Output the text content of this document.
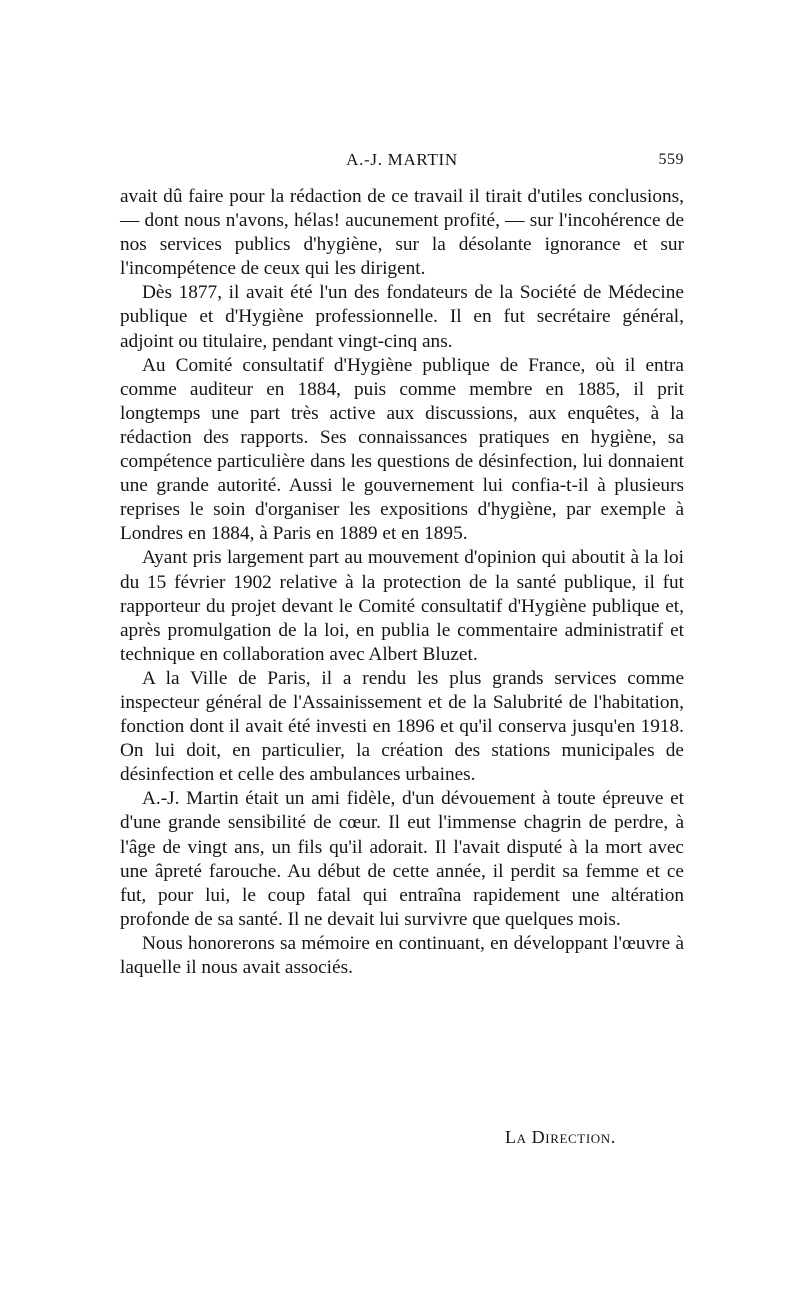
A.-J. MARTIN	559

avait dû faire pour la rédaction de ce travail il tirait d'utiles conclusions, — dont nous n'avons, hélas! aucunement profité, — sur l'incohérence de nos services publics d'hygiène, sur la désolante ignorance et sur l'incompétence de ceux qui les dirigent.

Dès 1877, il avait été l'un des fondateurs de la Société de Médecine publique et d'Hygiène professionnelle. Il en fut secrétaire général, adjoint ou titulaire, pendant vingt-cinq ans.

Au Comité consultatif d'Hygiène publique de France, où il entra comme auditeur en 1884, puis comme membre en 1885, il prit longtemps une part très active aux discussions, aux enquêtes, à la rédaction des rapports. Ses connaissances pratiques en hygiène, sa compétence particulière dans les questions de désinfection, lui donnaient une grande autorité. Aussi le gouvernement lui confia-t-il à plusieurs reprises le soin d'organiser les expositions d'hygiène, par exemple à Londres en 1884, à Paris en 1889 et en 1895.

Ayant pris largement part au mouvement d'opinion qui aboutit à la loi du 15 février 1902 relative à la protection de la santé publique, il fut rapporteur du projet devant le Comité consultatif d'Hygiène publique et, après promulgation de la loi, en publia le commentaire administratif et technique en collaboration avec Albert Bluzet.

A la Ville de Paris, il a rendu les plus grands services comme inspecteur général de l'Assainissement et de la Salubrité de l'habitation, fonction dont il avait été investi en 1896 et qu'il conserva jusqu'en 1918. On lui doit, en particulier, la création des stations municipales de désinfection et celle des ambulances urbaines.

A.-J. Martin était un ami fidèle, d'un dévouement à toute épreuve et d'une grande sensibilité de cœur. Il eut l'immense chagrin de perdre, à l'âge de vingt ans, un fils qu'il adorait. Il l'avait disputé à la mort avec une âpreté farouche. Au début de cette année, il perdit sa femme et ce fut, pour lui, le coup fatal qui entraîna rapidement une altération profonde de sa santé. Il ne devait lui survivre que quelques mois.

Nous honorerons sa mémoire en continuant, en développant l'œuvre à laquelle il nous avait associés.

La Direction.
